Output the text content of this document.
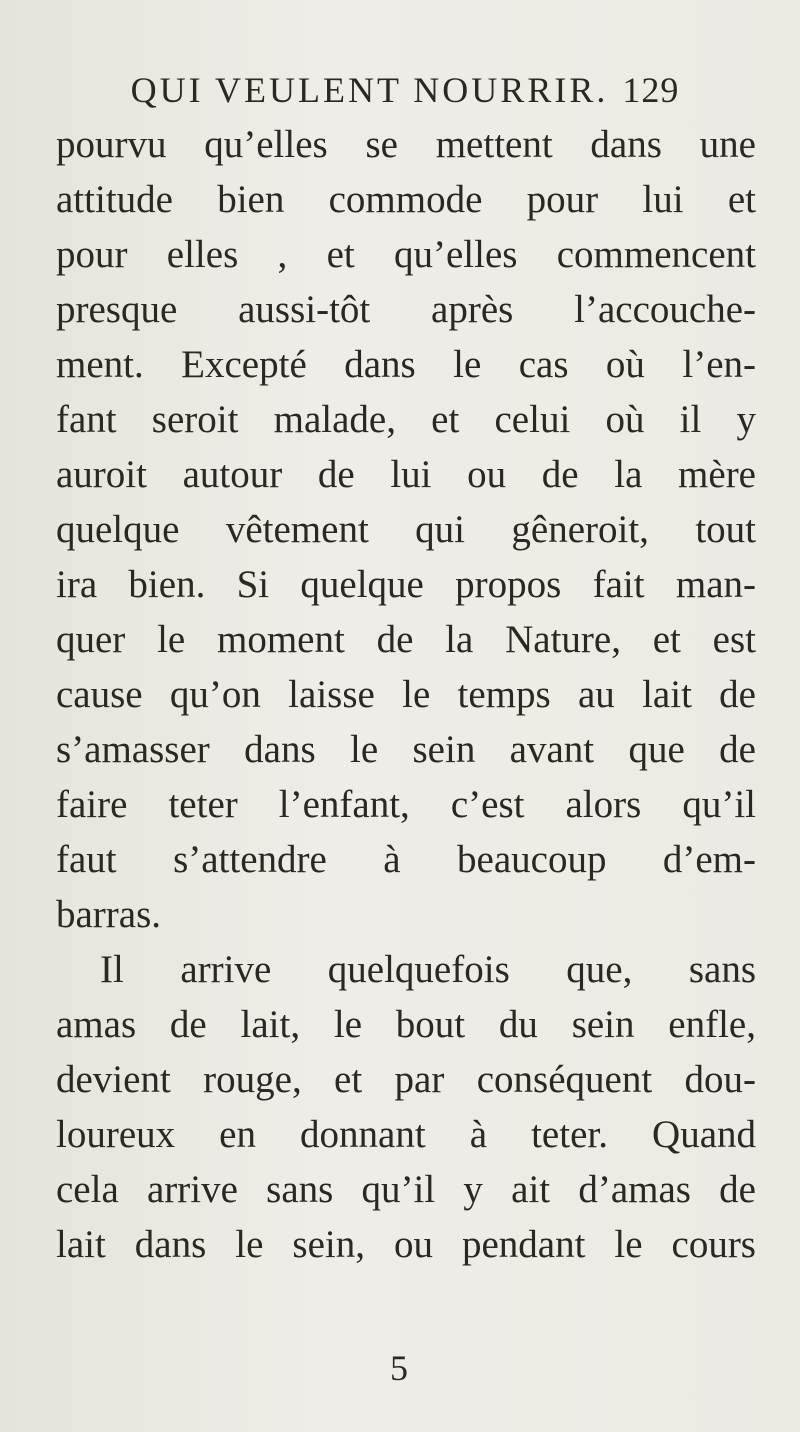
QUI VEULENT NOURRIR. 129
pourvu qu’elles se mettent dans une
attitude bien commode pour lui et
pour elles , et qu’elles commencent
presque aussi-tôt après l’accouche-
ment. Excepté dans le cas où l’en-
fant seroit malade, et celui où il y
auroit autour de lui ou de la mère
quelque vêtement qui gêneroit, tout
ira bien. Si quelque propos fait man-
quer le moment de la Nature, et est
cause qu’on laisse le temps au lait de
s’amasser dans le sein avant que de
faire teter l’enfant, c’est alors qu’il
faut s’attendre à beaucoup d’em-
barras.
Il arrive quelquefois que, sans
amas de lait, le bout du sein enfle,
devient rouge, et par conséquent dou-
loureux en donnant à teter. Quand
cela arrive sans qu’il y ait d’amas de
lait dans le sein, ou pendant le cours
5
